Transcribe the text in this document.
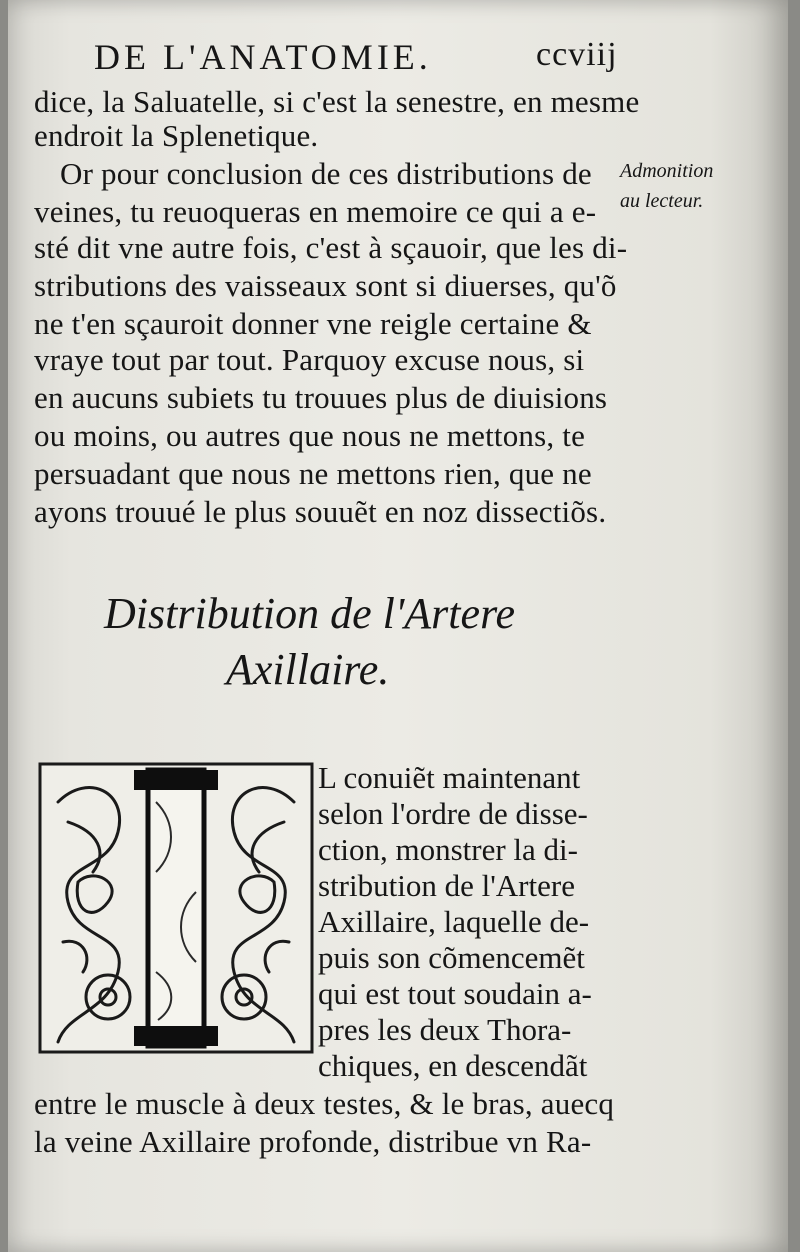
DE L'ANATOMIE.	ccviij
dice, la Saluatelle, si c'est la senestre, en mesme
endroit la Splenetique.
Or pour conclusion de ces distributions de
veines, tu reuoqueras en memoire ce qui a e-
sté dit vne autre fois, c'est à sçauoir, que les di-
stributions des vaisseaux sont si diuerses, qu'õ
ne t'en sçauroit donner vne reigle certaine &
vraye tout par tout. Parquoy excuse nous, si
en aucuns subiets tu trouues plus de diuisions
ou moins, ou autres que nous ne mettons, te
persuadant que nous ne mettons rien, que ne
ayons trouué le plus souuẽt en noz dissectiõs.
Admonition
au lecteur.
Distribution de l'Artere
Axillaire.
L conuiẽt maintenant
selon l'ordre de disse-
ction, monstrer la di-
stribution de l'Artere
Axillaire, laquelle de-
puis son cõmencemẽt
qui est tout soudain a-
pres les deux Thora-
chiques, en descendãt
entre le muscle à deux testes, & le bras, auecq
la veine Axillaire profonde, distribue vn Ra-
